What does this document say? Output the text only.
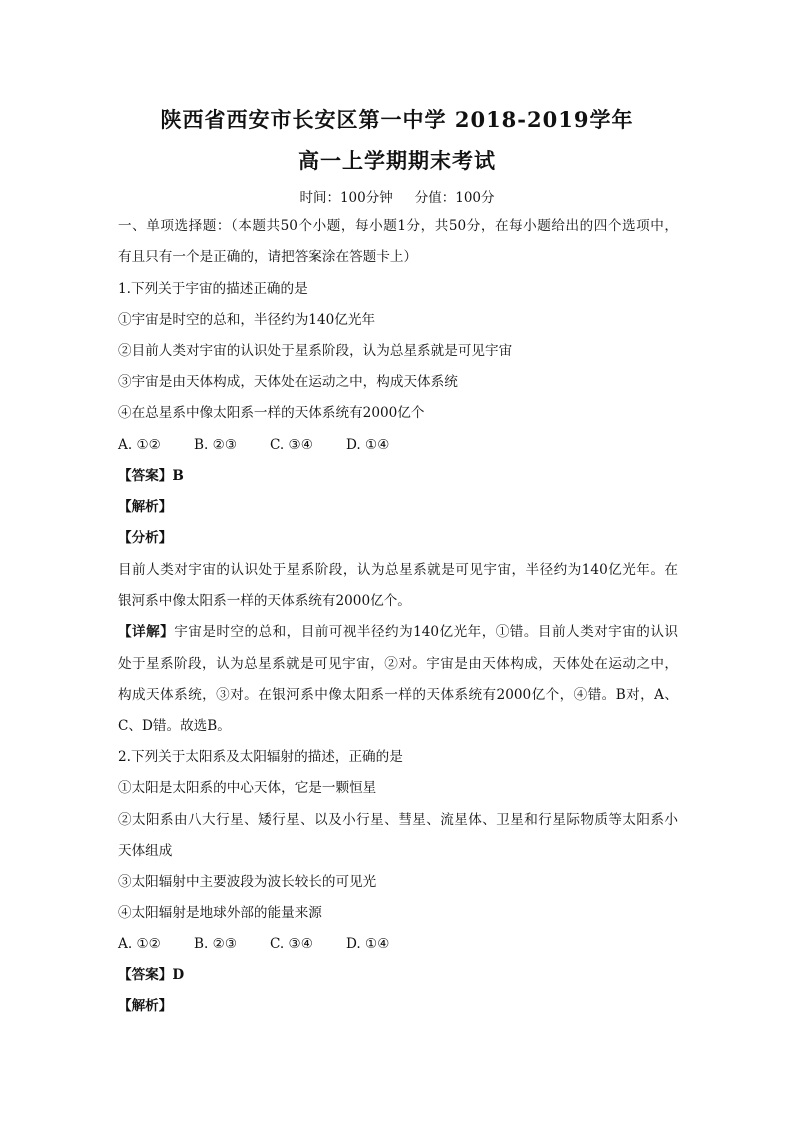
陕西省西安市长安区第一中学 2018-2019学年
高一上学期期末考试
时间：100分钟 分值：100分
一、单项选择题：（本题共50个小题，每小题1分，共50分，在每小题给出的四个选项中，
有且只有一个是正确的，请把答案涂在答题卡上）
1.下列关于宇宙的描述正确的是
①宇宙是时空的总和，半径约为140亿光年
②目前人类对宇宙的认识处于星系阶段，认为总星系就是可见宇宙
③宇宙是由天体构成，天体处在运动之中，构成天体系统
④在总星系中像太阳系一样的天体系统有2000亿个
A. ①② B. ②③ C. ③④ D. ①④
【答案】B
【解析】
【分析】
目前人类对宇宙的认识处于星系阶段，认为总星系就是可见宇宙，半径约为140亿光年。在
银河系中像太阳系一样的天体系统有2000亿个。
【详解】宇宙是时空的总和，目前可视半径约为140亿光年，①错。目前人类对宇宙的认识
处于星系阶段，认为总星系就是可见宇宙，②对。宇宙是由天体构成，天体处在运动之中，
构成天体系统，③对。在银河系中像太阳系一样的天体系统有2000亿个，④错。B对，A、
C、D错。故选B。
2.下列关于太阳系及太阳辐射的描述，正确的是
①太阳是太阳系的中心天体，它是一颗恒星
②太阳系由八大行星、矮行星、以及小行星、彗星、流星体、卫星和行星际物质等太阳系小
天体组成
③太阳辐射中主要波段为波长较长的可见光
④太阳辐射是地球外部的能量来源
A. ①② B. ②③ C. ③④ D. ①④
【答案】D
【解析】
